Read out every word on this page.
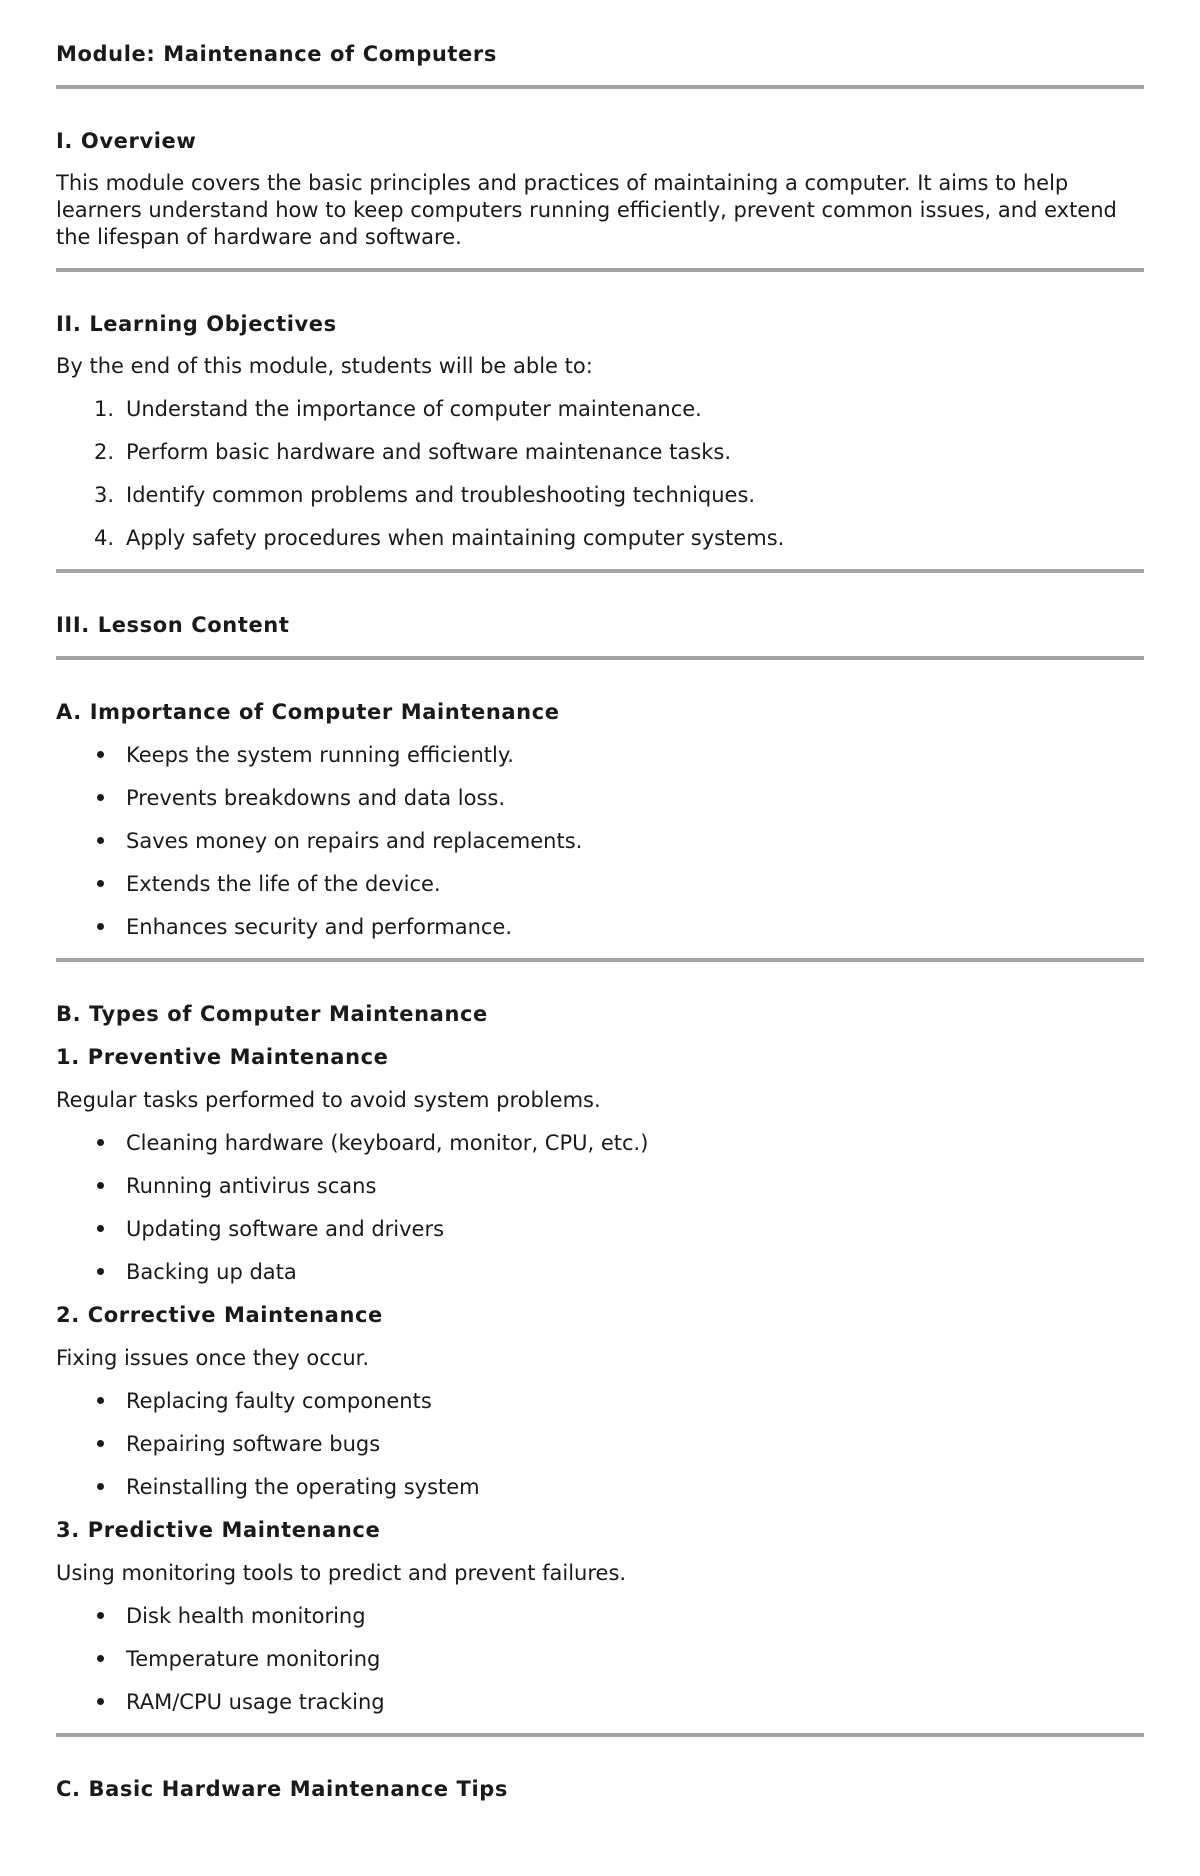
Module: Maintenance of Computers
I. Overview

This module covers the basic principles and practices of maintaining a computer. It aims to help learners understand how to keep computers running efficiently, prevent common issues, and extend the lifespan of hardware and software.

II. Learning Objectives

By the end of this module, students will be able to:

1. Understand the importance of computer maintenance.
2. Perform basic hardware and software maintenance tasks.
3. Identify common problems and troubleshooting techniques.
4. Apply safety procedures when maintaining computer systems.
III. Lesson Content
A. Importance of Computer Maintenance
Keeps the system running efficiently.
Prevents breakdowns and data loss.
Saves money on repairs and replacements.
Extends the life of the device.
Enhances security and performance.
B. Types of Computer Maintenance
1. Preventive Maintenance

Regular tasks performed to avoid system problems.

Cleaning hardware (keyboard, monitor, CPU, etc.)
Running antivirus scans
Updating software and drivers
Backing up data
2. Corrective Maintenance

Fixing issues once they occur.

Replacing faulty components
Repairing software bugs
Reinstalling the operating system
3. Predictive Maintenance

Using monitoring tools to predict and prevent failures.

Disk health monitoring
Temperature monitoring
RAM/CPU usage tracking
C. Basic Hardware Maintenance Tips
